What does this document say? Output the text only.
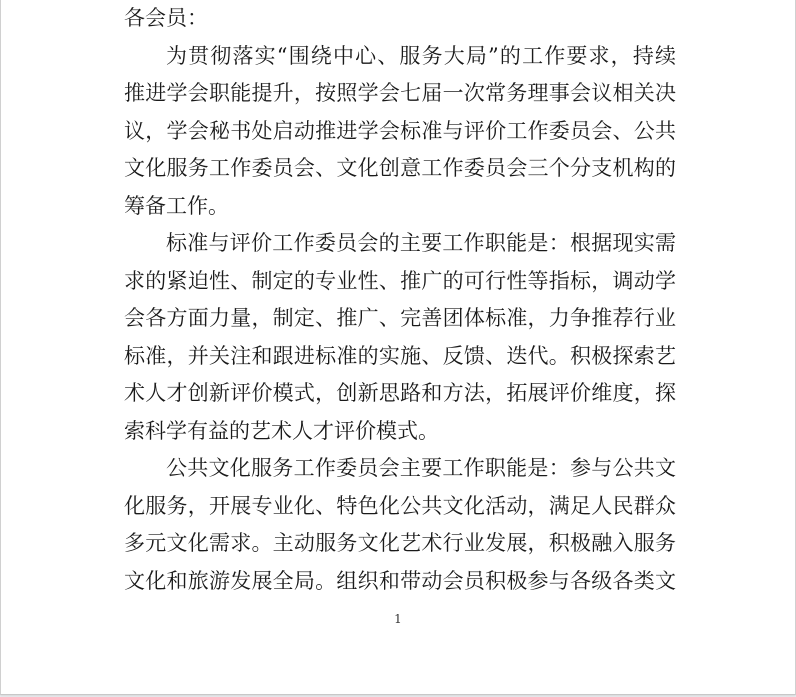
各会员：
为贯彻落实“围绕中心、服务大局”的工作要求，持续
推进学会职能提升，按照学会七届一次常务理事会议相关决
议，学会秘书处启动推进学会标准与评价工作委员会、公共
文化服务工作委员会、文化创意工作委员会三个分支机构的
筹备工作。
标准与评价工作委员会的主要工作职能是：根据现实需
求的紧迫性、制定的专业性、推广的可行性等指标，调动学
会各方面力量，制定、推广、完善团体标准，力争推荐行业
标准，并关注和跟进标准的实施、反馈、迭代。积极探索艺
术人才创新评价模式，创新思路和方法，拓展评价维度，探
索科学有益的艺术人才评价模式。
公共文化服务工作委员会主要工作职能是：参与公共文
化服务，开展专业化、特色化公共文化活动，满足人民群众
多元文化需求。主动服务文化艺术行业发展，积极融入服务
文化和旅游发展全局。组织和带动会员积极参与各级各类文
1
